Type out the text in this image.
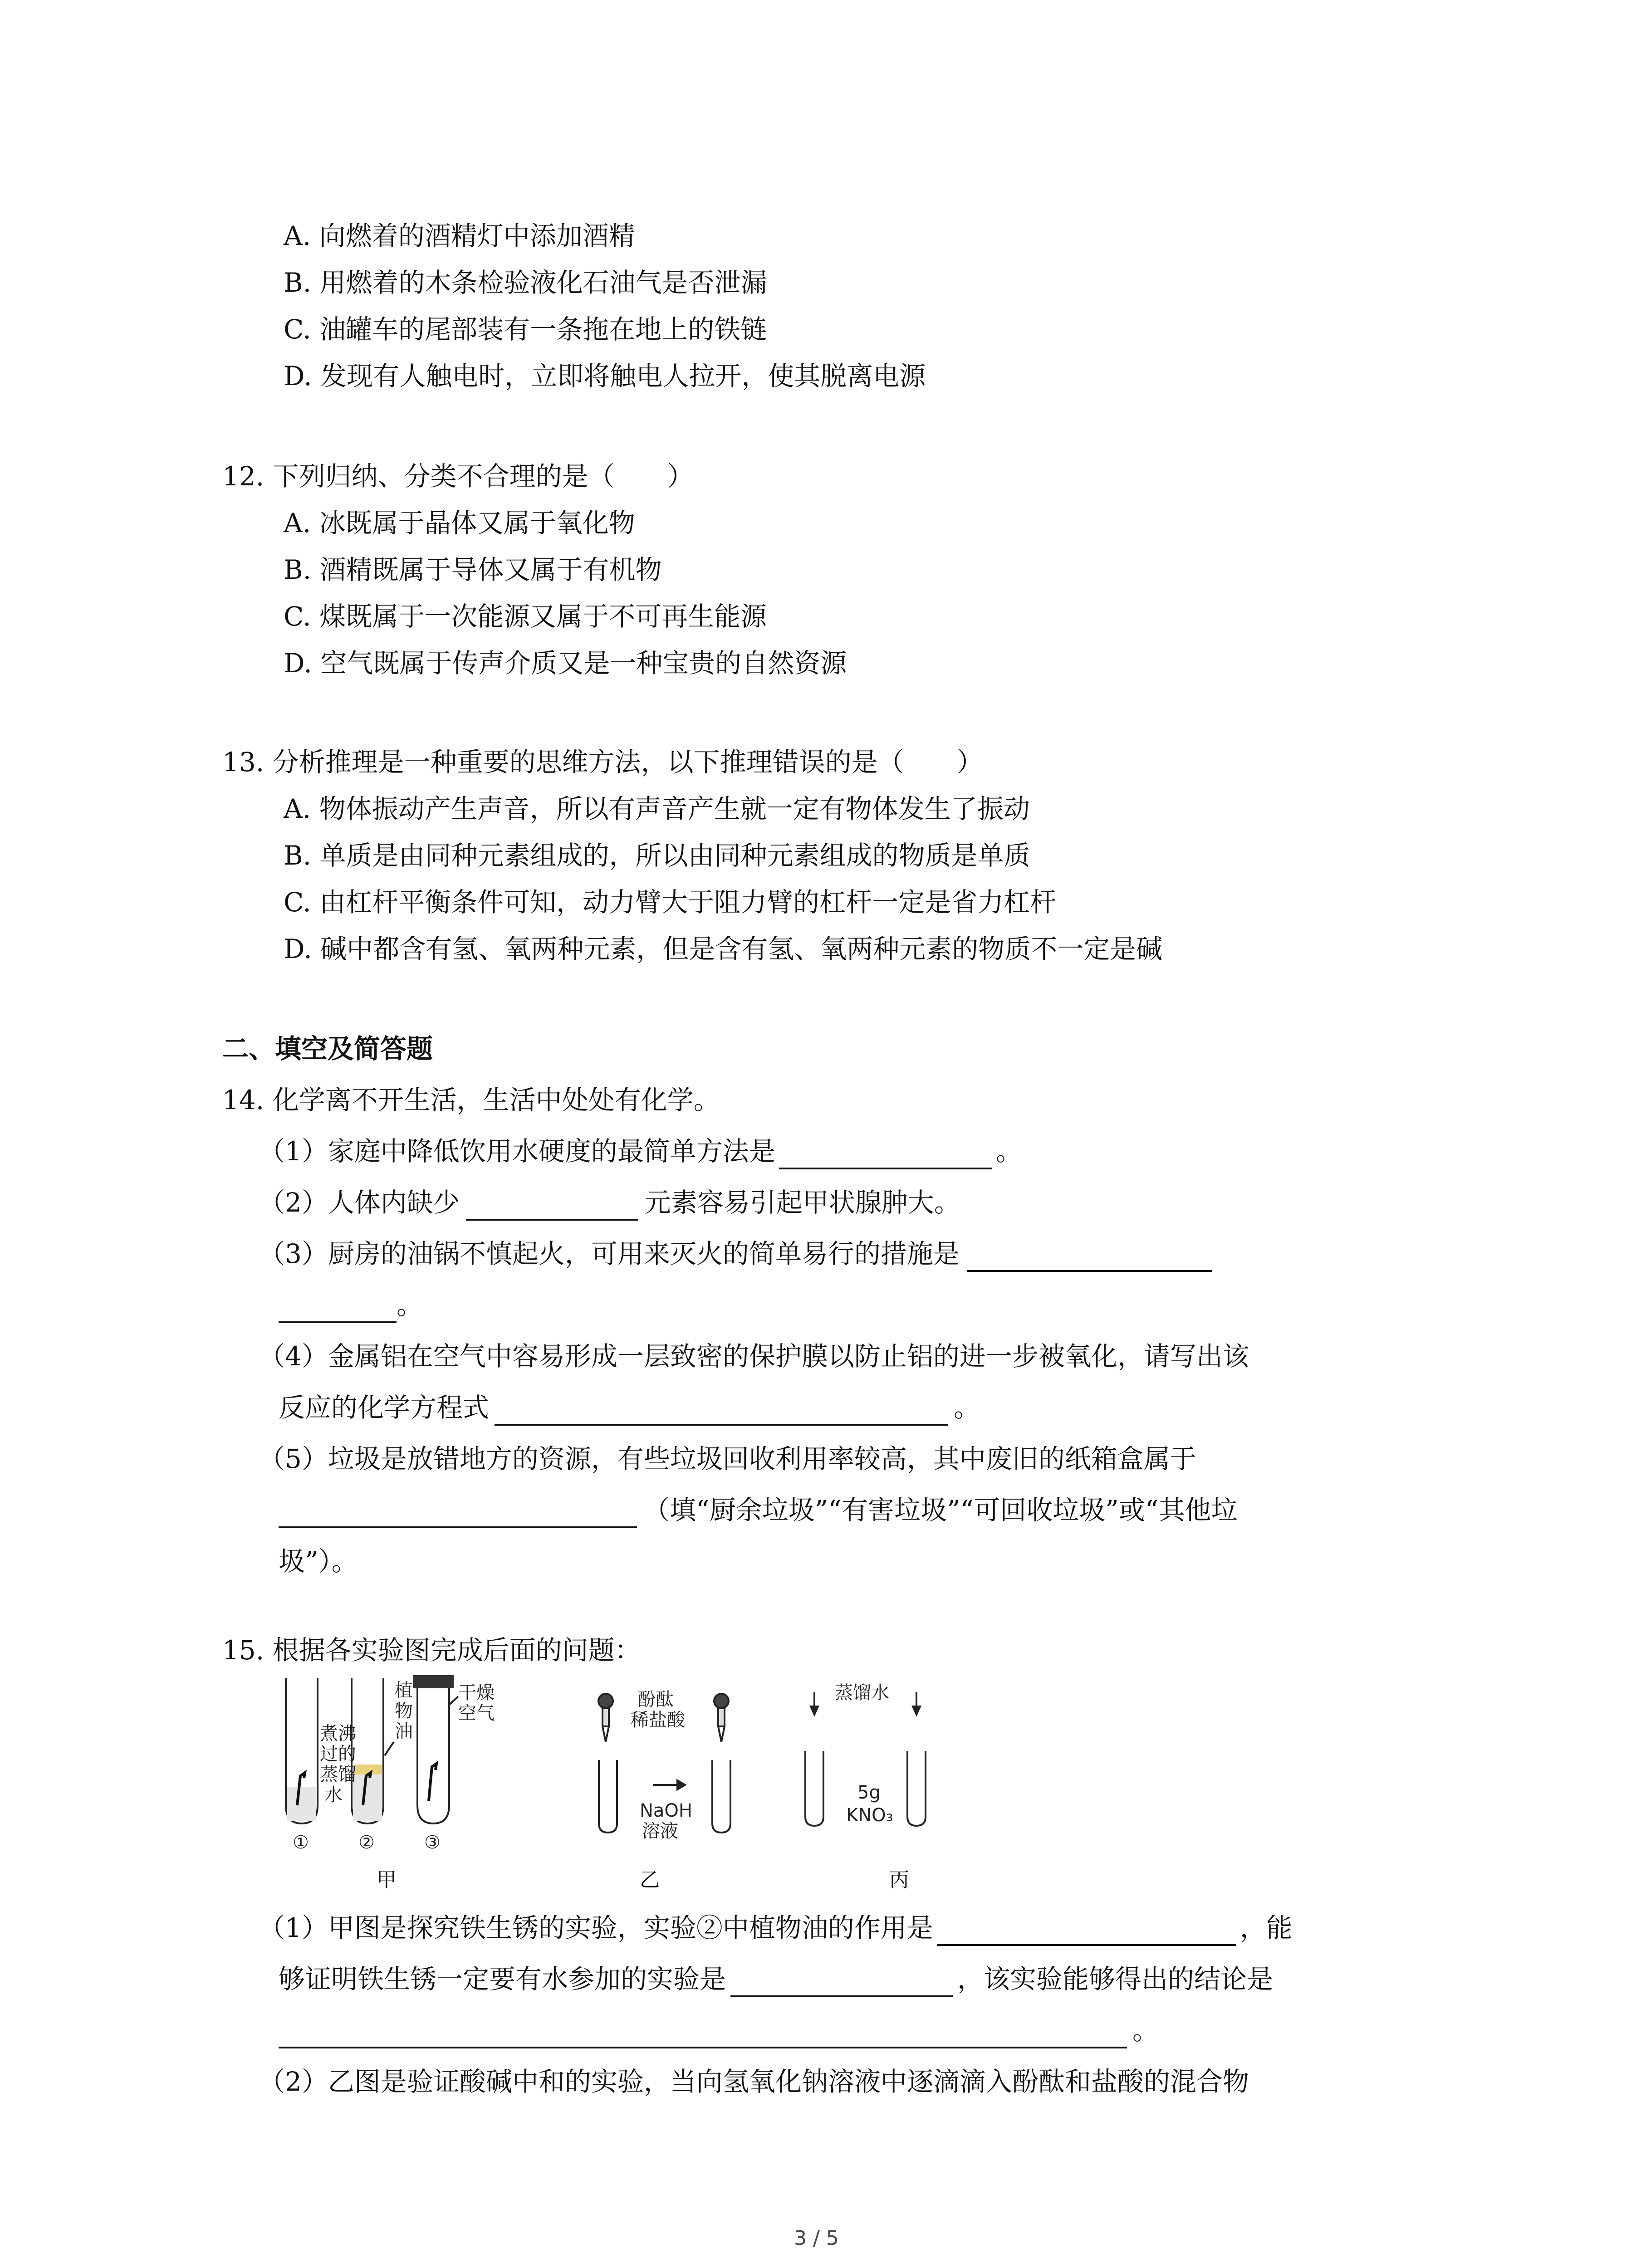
A. 向燃着的酒精灯中添加酒精
B. 用燃着的木条检验液化石油气是否泄漏
C. 油罐车的尾部装有一条拖在地上的铁链
D. 发现有人触电时，立即将触电人拉开，使其脱离电源
12. 下列归纳、分类不合理的是（　　）
A. 冰既属于晶体又属于氧化物
B. 酒精既属于导体又属于有机物
C. 煤既属于一次能源又属于不可再生能源
D. 空气既属于传声介质又是一种宝贵的自然资源
13. 分析推理是一种重要的思维方法，以下推理错误的是（　　）
A. 物体振动产生声音，所以有声音产生就一定有物体发生了振动
B. 单质是由同种元素组成的，所以由同种元素组成的物质是单质
C. 由杠杆平衡条件可知，动力臂大于阻力臂的杠杆一定是省力杠杆
D. 碱中都含有氢、氧两种元素，但是含有氢、氧两种元素的物质不一定是碱
二、填空及简答题
14. 化学离不开生活，生活中处处有化学。
（1）家庭中降低饮用水硬度的最简单方法是	。
（2）人体内缺少	元素容易引起甲状腺肿大。
（3）厨房的油锅不慎起火，可用来灭火的简单易行的措施是
。
（4）金属铝在空气中容易形成一层致密的保护膜以防止铝的进一步被氧化，请写出该
反应的化学方程式	。
（5）垃圾是放错地方的资源，有些垃圾回收利用率较高，其中废旧的纸箱盒属于
（填“厨余垃圾”“有害垃圾”“可回收垃圾”或“其他垃
圾”）。
15. 根据各实验图完成后面的问题：
煮沸
过的
蒸馏
水
植
物
油
干燥
空气
①	②	③
酚酞
稀盐酸
NaOH
溶液
蒸馏水
5g
KNO₃
甲	乙	丙
（1）甲图是探究铁生锈的实验，实验②中植物油的作用是	，能
够证明铁生锈一定要有水参加的实验是	，该实验能够得出的结论是
。
（2）乙图是验证酸碱中和的实验，当向氢氧化钠溶液中逐滴滴入酚酞和盐酸的混合物
3 / 5
